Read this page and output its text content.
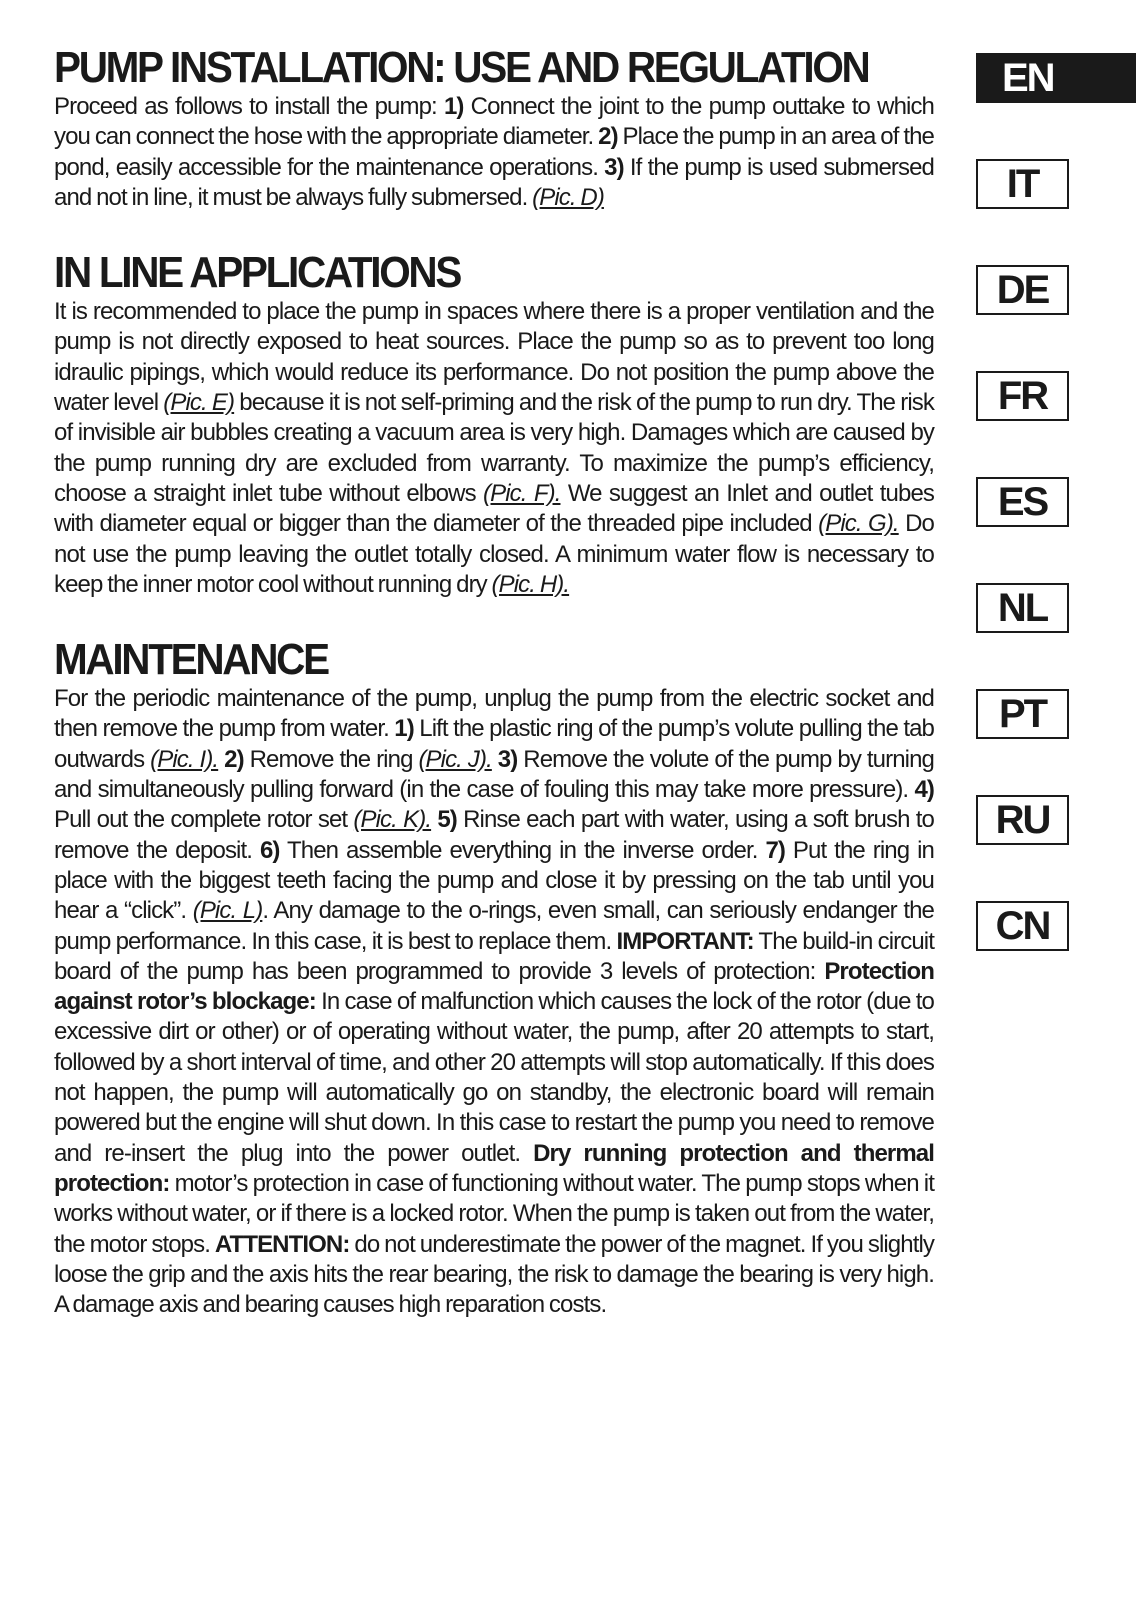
PUMP INSTALLATION: USE AND REGULATION

Proceed as follows to install the pump: 1) Connect the joint to the pump outtake to which you can connect the hose with the appropriate diameter. 2) Place the pump in an area of the pond, easily accessible for the maintenance operations. 3) If the pump is used submersed and not in line, it must be always fully submersed. (Pic. D)

IN LINE APPLICATIONS

It is recommended to place the pump in spaces where there is a proper ventilation and the pump is not directly exposed to heat sources. Place the pump so as to prevent too long idraulic pipings, which would reduce its performance. Do not position the pump above the water level (Pic. E) because it is not self-priming and the risk of the pump to run dry. The risk of invisible air bubbles creating a vacuum area is very high. Damages which are caused by the pump running dry are excluded from warranty. To maximize the pump’s efficiency, choose a straight inlet tube without elbows (Pic. F). We suggest an Inlet and outlet tubes with diameter equal or bigger than the diameter of the threaded pipe included (Pic. G). Do not use the pump leaving the outlet totally closed. A minimum water flow is necessary to keep the inner motor cool without running dry (Pic. H).

MAINTENANCE

For the periodic maintenance of the pump, unplug the pump from the electric socket and then remove the pump from water. 1) Lift the plastic ring of the pump’s volute pulling the tab outwards (Pic. I). 2) Remove the ring (Pic. J). 3) Remove the volute of the pump by turning and simultaneously pulling forward (in the case of fouling this may take more pressure). 4) Pull out the complete rotor set (Pic. K). 5) Rinse each part with water, using a soft brush to remove the deposit. 6) Then assemble everything in the inverse order. 7) Put the ring in place with the biggest teeth facing the pump and close it by pressing on the tab until you hear a “click”. (Pic. L). Any damage to the o-rings, even small, can seriously endanger the pump performance. In this case, it is best to replace them. IMPORTANT: The build-in circuit board of the pump has been programmed to provide 3 levels of protection: Protection against rotor’s blockage: In case of malfunction which causes the lock of the rotor (due to excessive dirt or other) or of operating without water, the pump, after 20 attempts to start, followed by a short interval of time, and other 20 attempts will stop automatically. If this does not happen, the pump will automatically go on standby, the electronic board will remain powered but the engine will shut down. In this case to restart the pump you need to remove and re-insert the plug into the power outlet. Dry running protection and thermal protection: motor’s protection in case of functioning without water. The pump stops when it works without water, or if there is a locked rotor. When the pump is taken out from the water, the motor stops. ATTENTION: do not underestimate the power of the magnet. If you slightly loose the grip and the axis hits the rear bearing, the risk to damage the bearing is very high. A damage axis and bearing causes high reparation costs.

EN
IT
DE
FR
ES
NL
PT
RU
CN
